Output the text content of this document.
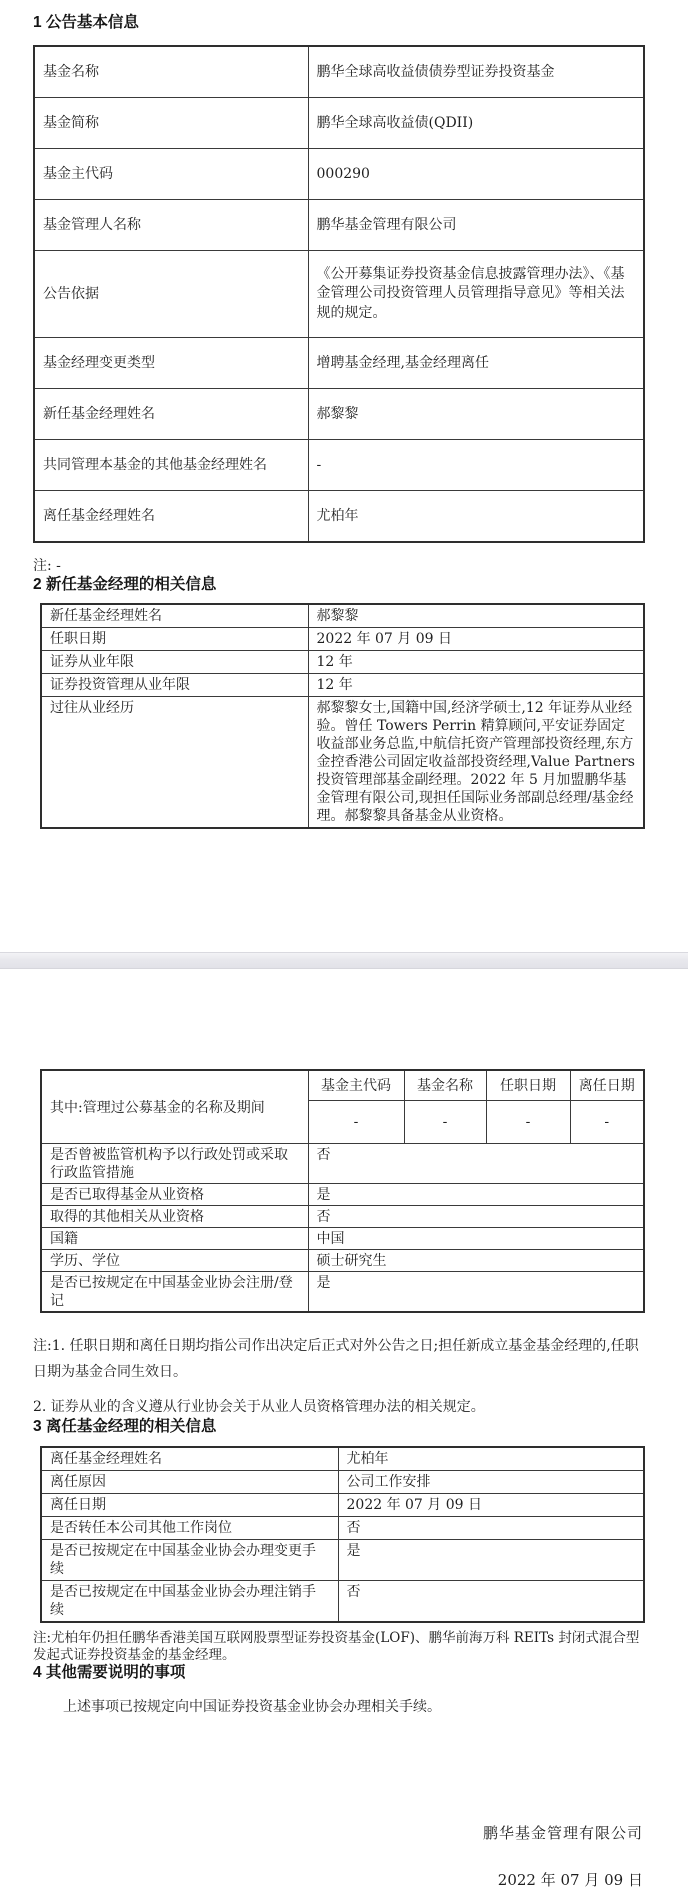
1 公告基本信息
基金名称	鹏华全球高收益债债券型证券投资基金
基金简称	鹏华全球高收益债(QDII)
基金主代码	000290
基金管理人名称	鹏华基金管理有限公司
公告依据	《公开募集证券投资基金信息披露管理办法》、《基金管理公司投资管理人员管理指导意见》等相关法规的规定。
基金经理变更类型	增聘基金经理,基金经理离任
新任基金经理姓名	郝黎黎
共同管理本基金的其他基金经理姓名	-
离任基金经理姓名	尤柏年
注: -
2 新任基金经理的相关信息
新任基金经理姓名	郝黎黎
任职日期	2022 年 07 月 09 日
证券从业年限	12 年
证券投资管理从业年限	12 年
过往从业经历	郝黎黎女士,国籍中国,经济学硕士,12 年证券从业经验。曾任 Towers Perrin 精算顾问,平安证券固定收益部业务总监,中航信托资产管理部投资经理,东方金控香港公司固定收益部投资经理,Value Partners 投资管理部基金副经理。2022 年 5 月加盟鹏华基金管理有限公司,现担任国际业务部副总经理/基金经理。郝黎黎具备基金从业资格。
其中:管理过公募基金的名称及期间	基金主代码	基金名称	任职日期	离任日期
	-	-	-	-
是否曾被监管机构予以行政处罚或采取行政监管措施	否			
是否已取得基金从业资格	是			
取得的其他相关从业资格	否			
国籍	中国			
学历、学位	硕士研究生			
是否已按规定在中国基金业协会注册/登记	是			

注:1. 任职日期和离任日期均指公司作出决定后正式对外公告之日;担任新成立基金基金经理的,任职日期为基金合同生效日。

2. 证券从业的含义遵从行业协会关于从业人员资格管理办法的相关规定。

3 离任基金经理的相关信息
离任基金经理姓名	尤柏年
离任原因	公司工作安排
离任日期	2022 年 07 月 09 日
是否转任本公司其他工作岗位	否
是否已按规定在中国基金业协会办理变更手续	是
是否已按规定在中国基金业协会办理注销手续	否
注:尤柏年仍担任鹏华香港美国互联网股票型证券投资基金(LOF)、鹏华前海万科 REITs 封闭式混合型发起式证券投资基金的基金经理。
4 其他需要说明的事项
上述事项已按规定向中国证券投资基金业协会办理相关手续。
鹏华基金管理有限公司
2022 年 07 月 09 日
